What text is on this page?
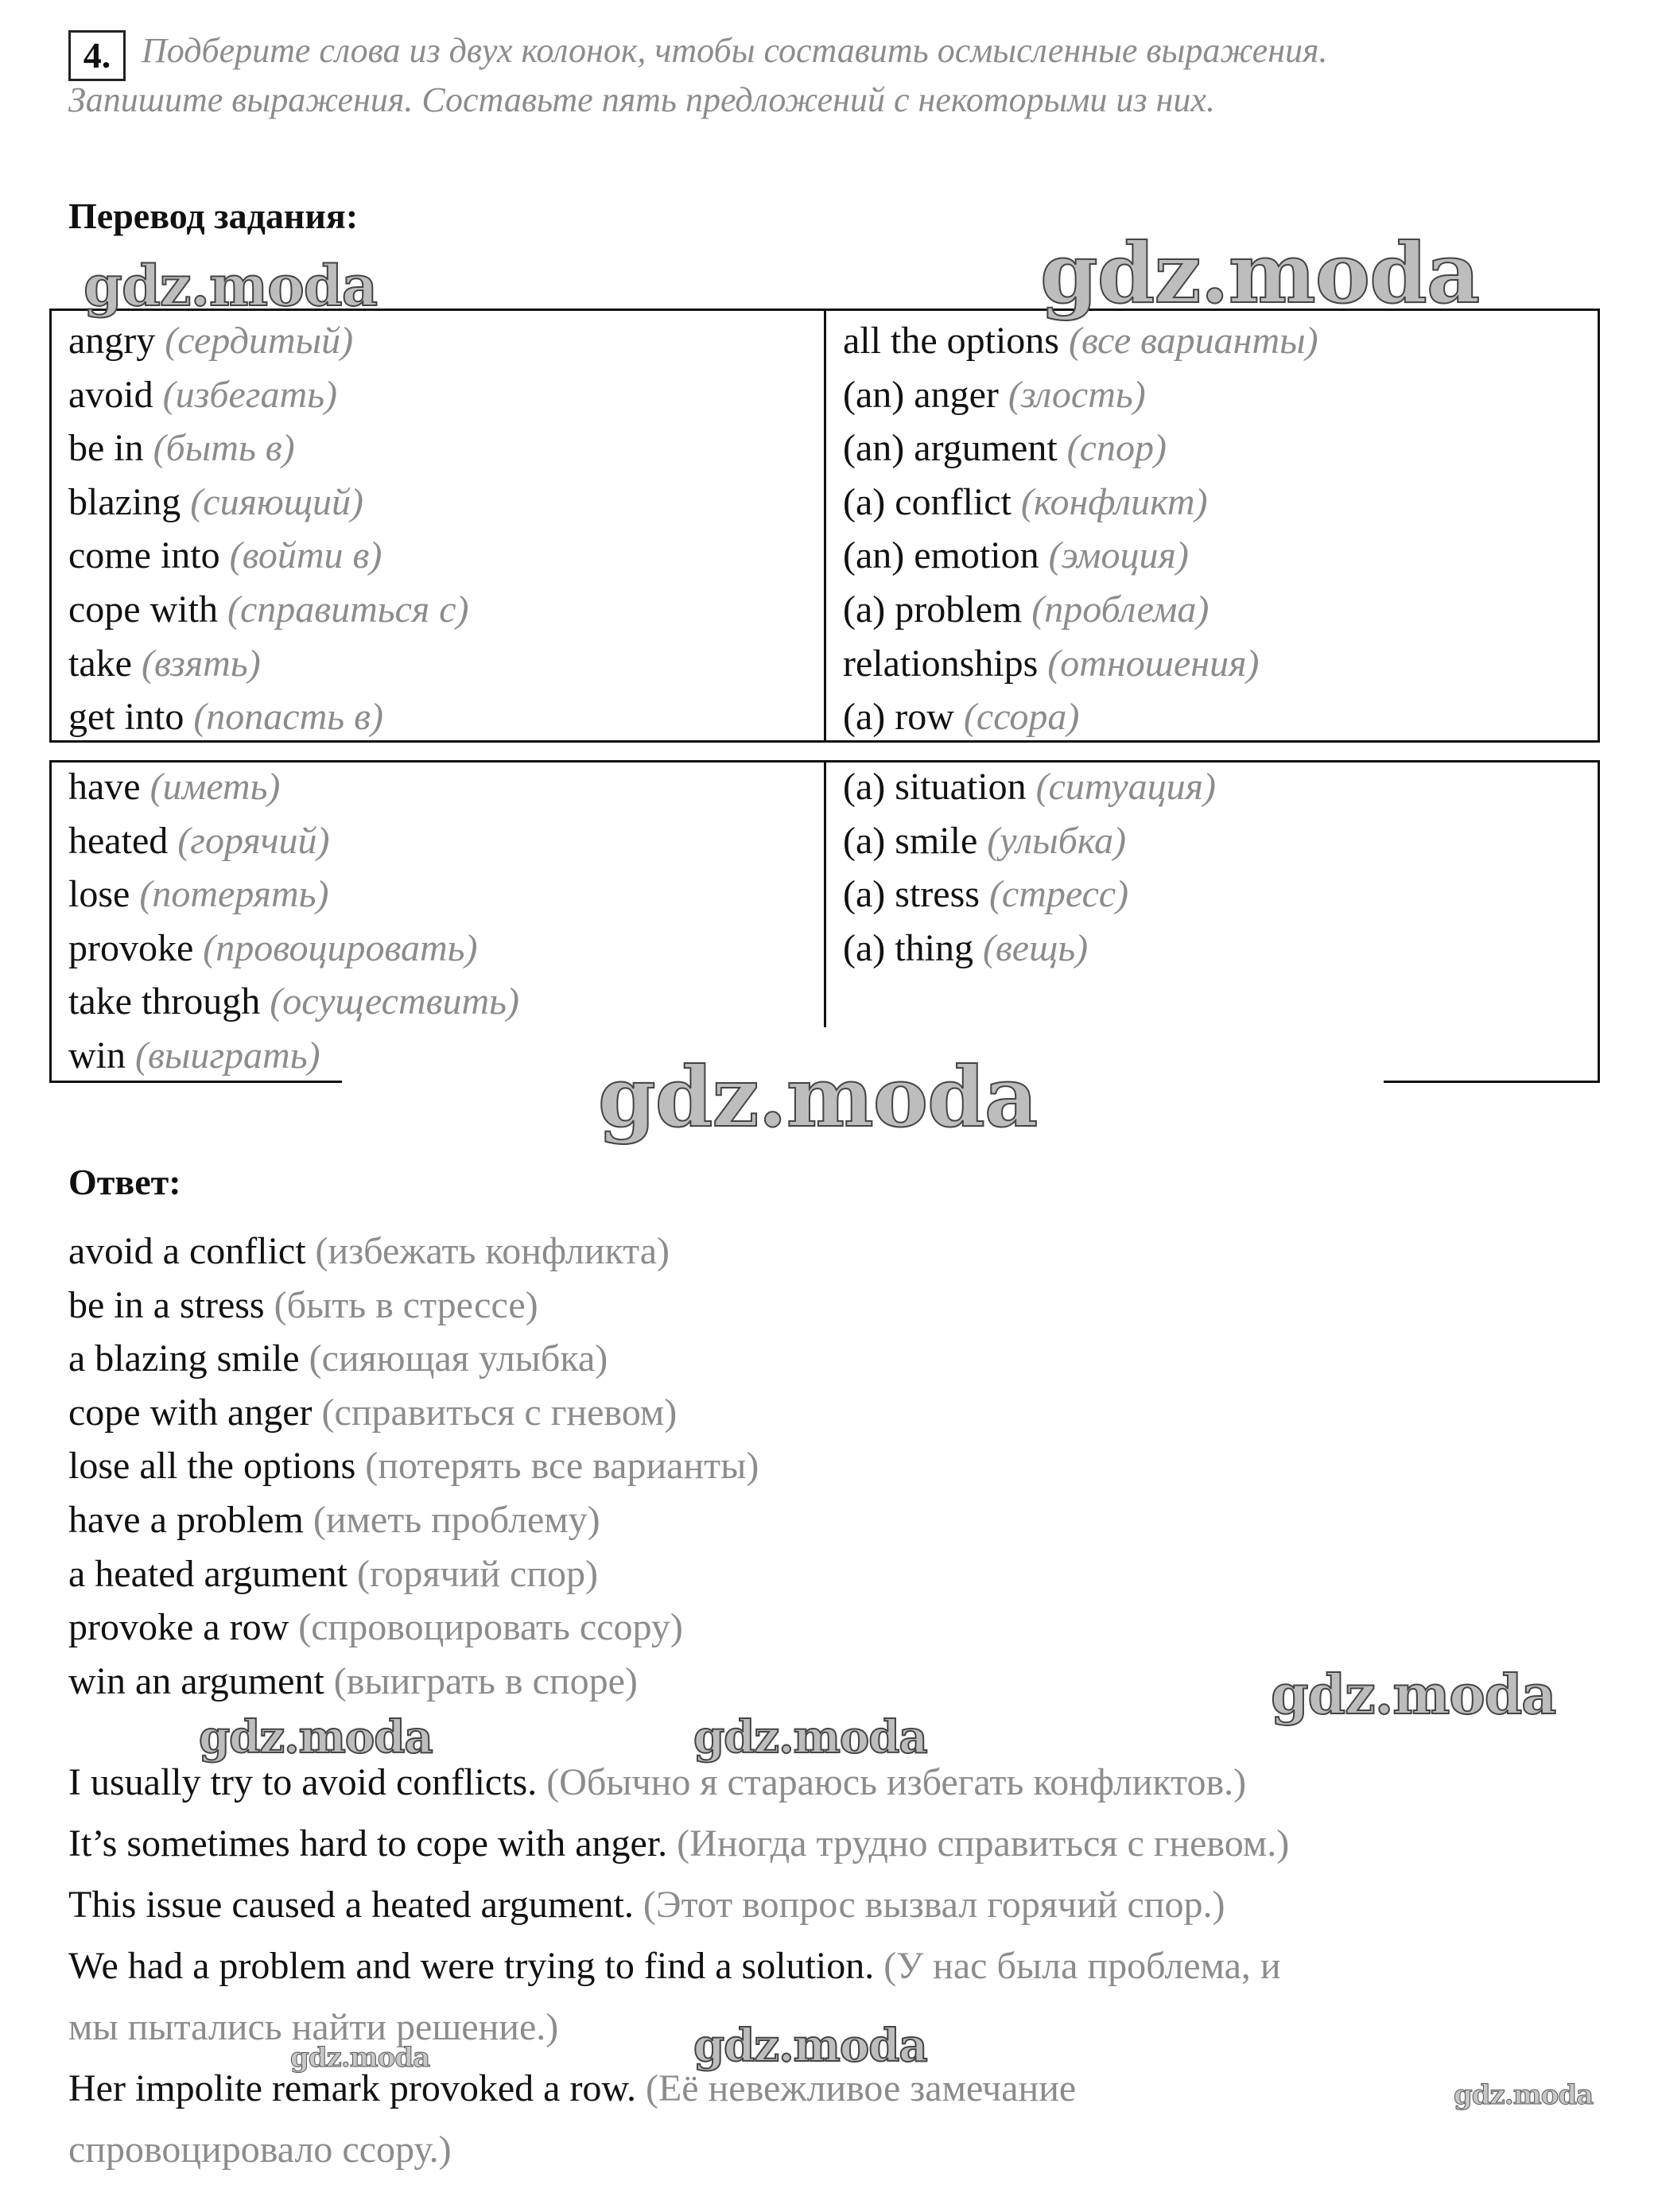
4. Подберите слова из двух колонок, чтобы составить осмысленные выражения.
Запишите выражения. Составьте пять предложений с некоторыми из них.
Перевод задания:
angry (сердитый)
avoid (избегать)
be in (быть в)
blazing (сияющий)
come into (войти в)
cope with (справиться с)
take (взять)
get into (попасть в)
all the options (все варианты)
(an) anger (злость)
(an) argument (спор)
(a) conflict (конфликт)
(an) emotion (эмоция)
(a) problem (проблема)
relationships (отношения)
(a) row (ссора)
have (иметь)
heated (горячий)
lose (потерять)
provoke (провоцировать)
take through (осуществить)
win (выиграть)
(a) situation (ситуация)
(a) smile (улыбка)
(a) stress (стресс)
(a) thing (вещь)
Ответ:
avoid a conflict (избежать конфликта)
be in a stress (быть в стрессе)
a blazing smile (сияющая улыбка)
cope with anger (справиться с гневом)
lose all the options (потерять все варианты)
have a problem (иметь проблему)
a heated argument (горячий спор)
provoke a row (спровоцировать ссору)
win an argument (выиграть в споре)
I usually try to avoid conflicts. (Обычно я стараюсь избегать конфликтов.)
It’s sometimes hard to cope with anger. (Иногда трудно справиться с гневом.)
This issue caused a heated argument. (Этот вопрос вызвал горячий спор.)
We had a problem and were trying to find a solution. (У нас была проблема, и
мы пытались найти решение.)
Her impolite remark provoked a row. (Её невежливое замечание
спровоцировало ссору.)
gdz.moda	gdz.moda
gdz.moda
gdz.moda
gdz.moda	gdz.moda
gdz.moda
gdz.moda
gdz.moda
